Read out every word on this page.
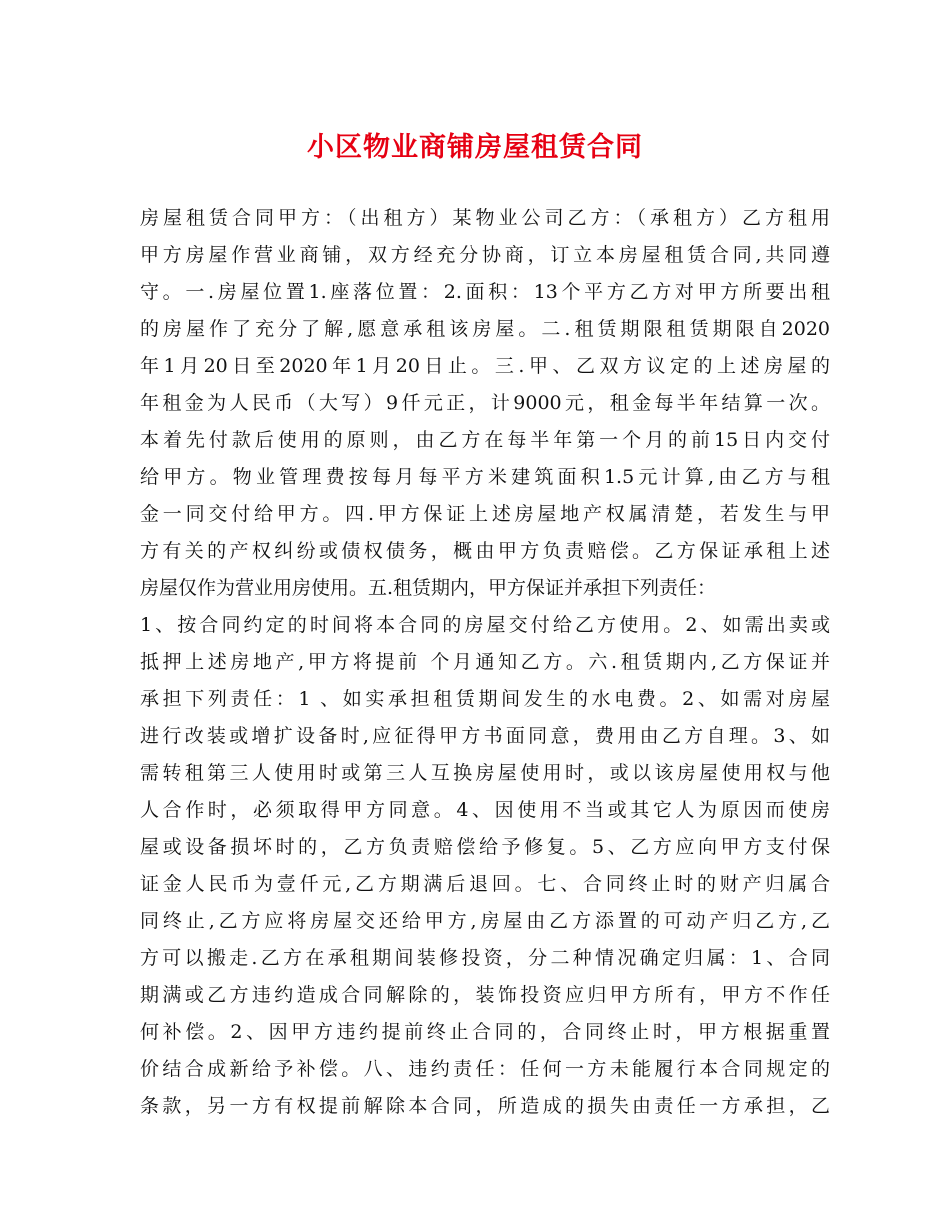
小区物业商铺房屋租赁合同
房屋租赁合同甲方：（出租方）某物业公司乙方：（承租方）乙方租用
甲方房屋作营业商铺，双方经充分协商，订立本房屋租赁合同,共同遵
守。一.房屋位置1.座落位置：2.面积：13个平方乙方对甲方所要出租
的房屋作了充分了解,愿意承租该房屋。二.租赁期限租赁期限自2020
年1月20日至2020年1月20日止。三.甲、乙双方议定的上述房屋的
年租金为人民币（大写）9仟元正，计9000元，租金每半年结算一次。
本着先付款后使用的原则，由乙方在每半年第一个月的前15日内交付
给甲方。物业管理费按每月每平方米建筑面积1.5元计算,由乙方与租
金一同交付给甲方。四.甲方保证上述房屋地产权属清楚，若发生与甲
方有关的产权纠纷或债权债务，概由甲方负责赔偿。乙方保证承租上述
房屋仅作为营业用房使用。五.租赁期内，甲方保证并承担下列责任：
1、按合同约定的时间将本合同的房屋交付给乙方使用。2、如需出卖或
抵押上述房地产,甲方将提前 个月通知乙方。六.租赁期内,乙方保证并
承担下列责任：1 、如实承担租赁期间发生的水电费。2、如需对房屋
进行改装或增扩设备时,应征得甲方书面同意，费用由乙方自理。3、如
需转租第三人使用时或第三人互换房屋使用时，或以该房屋使用权与他
人合作时，必须取得甲方同意。4、因使用不当或其它人为原因而使房
屋或设备损坏时的，乙方负责赔偿给予修复。5、乙方应向甲方支付保
证金人民币为壹仟元,乙方期满后退回。七、合同终止时的财产归属合
同终止,乙方应将房屋交还给甲方,房屋由乙方添置的可动产归乙方,乙
方可以搬走.乙方在承租期间装修投资，分二种情况确定归属：1、合同
期满或乙方违约造成合同解除的，装饰投资应归甲方所有，甲方不作任
何补偿。2、因甲方违约提前终止合同的，合同终止时，甲方根据重置
价结合成新给予补偿。八、违约责任：任何一方未能履行本合同规定的
条款，另一方有权提前解除本合同，所造成的损失由责任一方承担，乙
